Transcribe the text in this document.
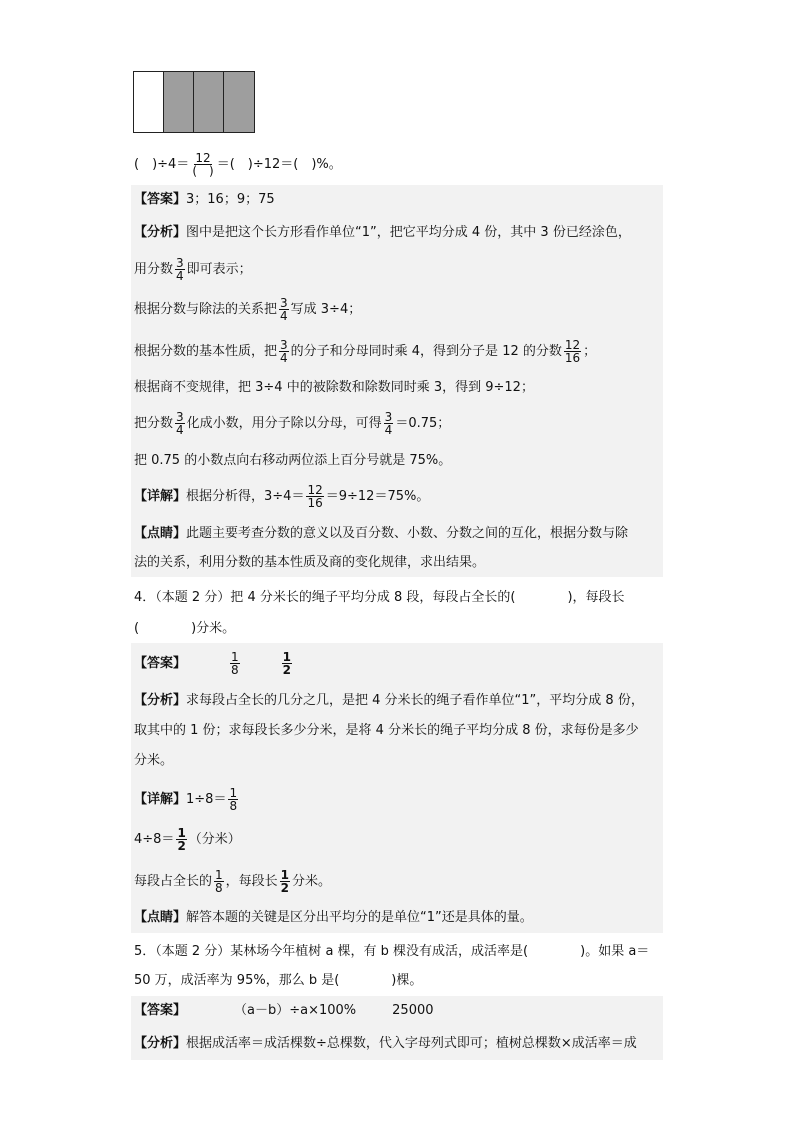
(　)$\div 4= \frac{12}{( )}$ ＝(　)÷12＝(　)%。
【答案】3；16；9；75
【分析】图中是把这个长方形看作单位“1”，把它平均分成 4 份，其中 3 份已经涂色，
用分数 $\frac{3}{4}$ 即可表示；
根据分数与除法的关系把 $\frac{3}{4}$ 写成 3÷4；
根据分数的基本性质，把 $\frac{3}{4}$ 的分子和分母同时乘 4，得到分子是 12 的分数 $\frac{12}{16}$ ；
根据商不变规律，把 3÷4 中的被除数和除数同时乘 3，得到 9÷12；
把分数 $\frac{3}{4}$ 化成小数，用分子除以分母，可得 $\frac{3}{4} =0.75$；
把 0.75 的小数点向右移动两位添上百分号就是 75%。
【详解】根据分析得，$3\div 4= \frac{12}{16} =9\div 12=75\%$。
【点睛】此题主要考查分数的意义以及百分数、小数、分数之间的互化，根据分数与除
法的关系，利用分数的基本性质及商的变化规律，求出结果。
4．（本题 2 分）把 4 分米长的绳子平均分成 8 段，每段占全长的(　　　　)，每段长
(　　　　)分米。
【答案】	$\frac{1}{8}$	$\frac{1}{2}$
【分析】求每段占全长的几分之几，是把 4 分米长的绳子看作单位“1”，平均分成 8 份，
取其中的 1 份；求每段长多少分米，是将 4 分米长的绳子平均分成 8 份，求每份是多少
分米。
【详解】$1\div 8= \frac{1}{8}$
$4\div 8= \frac{1}{2}$ （分米）
每段占全长的 $\frac{1}{8}$ ，每段长 $\frac{1}{2}$ 分米。
【点睛】解答本题的关键是区分出平均分的是单位“1”还是具体的量。
5．（本题 2 分）某林场今年植树 a 棵，有 b 棵没有成活，成活率是(　　　　)。如果 a＝
50 万，成活率为 95%，那么 b 是(　　　　)棵。
【答案】	（a－b）÷a×100%	25000
【分析】根据成活率＝成活棵数÷总棵数，代入字母列式即可；植树总棵数×成活率＝成
